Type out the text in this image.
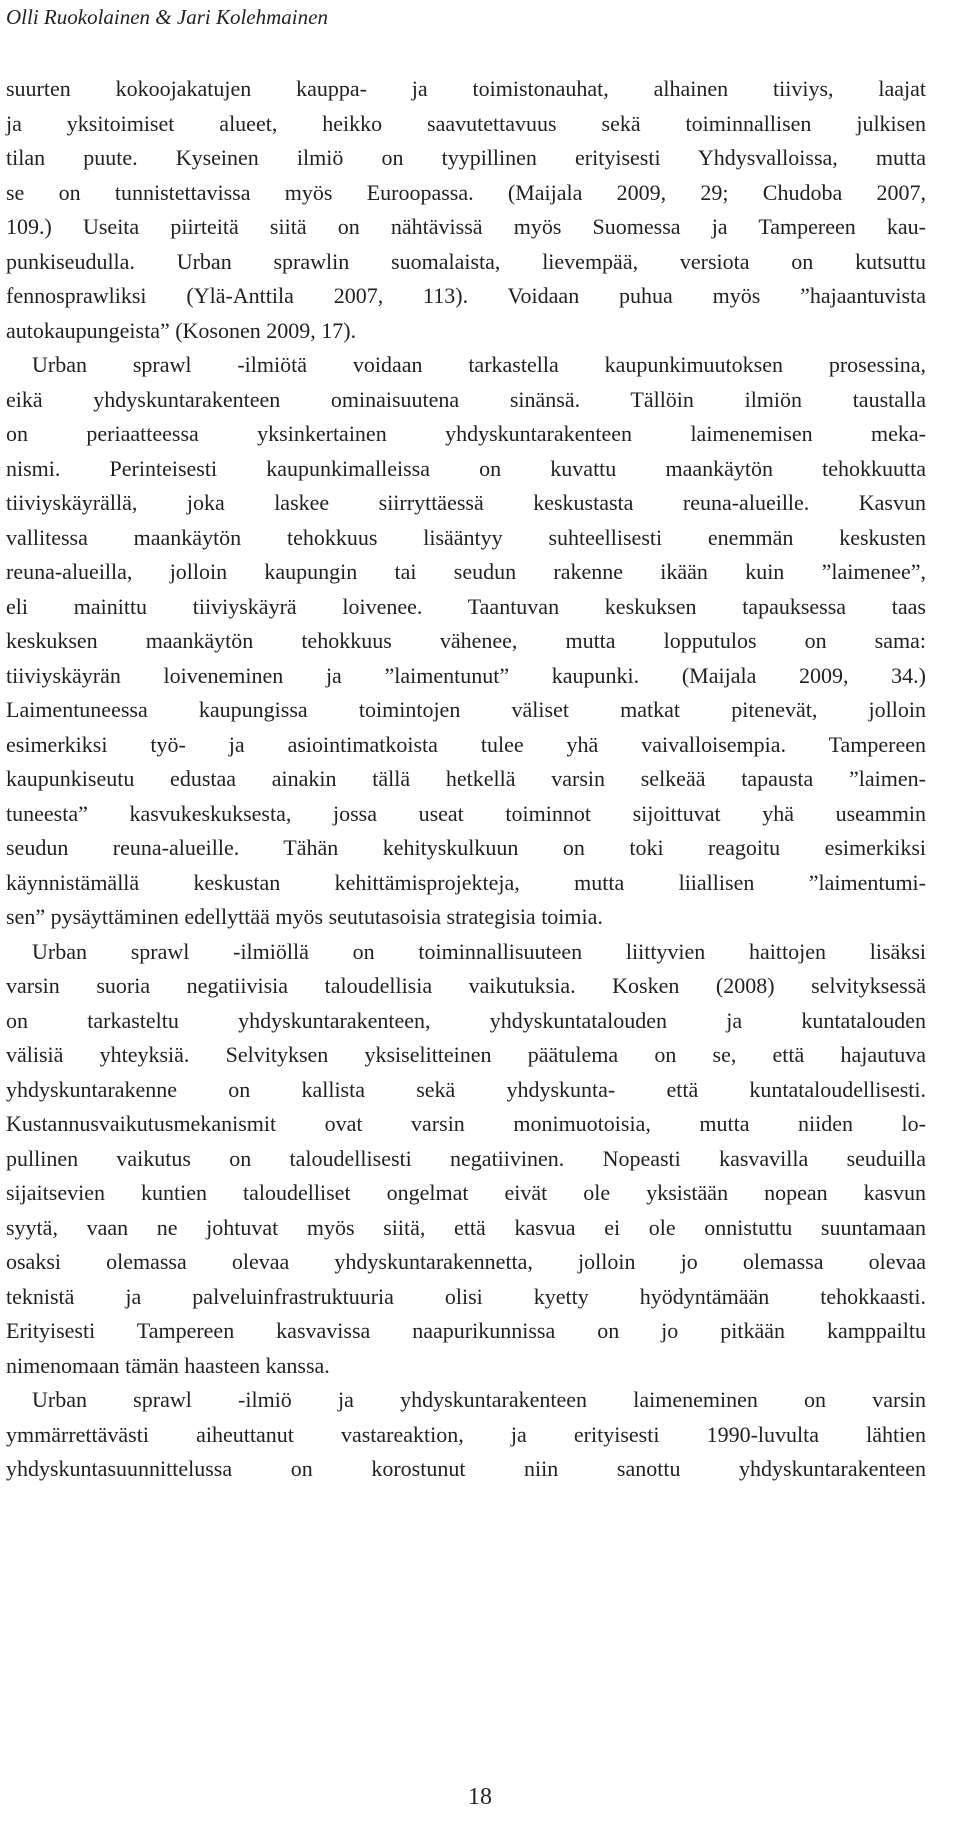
Olli Ruokolainen & Jari Kolehmainen
suurten kokoojakatujen kauppa- ja toimistonauhat, alhainen tiiviys, laajat
ja yksitoimiset alueet, heikko saavutettavuus sekä toiminnallisen julkisen
tilan puute. Kyseinen ilmiö on tyypillinen erityisesti Yhdysvalloissa, mutta
se on tunnistettavissa myös Euroopassa. (Maijala 2009, 29; Chudoba 2007,
109.) Useita piirteitä siitä on nähtävissä myös Suomessa ja Tampereen kau-
punkiseudulla. Urban sprawlin suomalaista, lievempää, versiota on kutsuttu
fennosprawliksi (Ylä-Anttila 2007, 113). Voidaan puhua myös ”hajaantuvista
autokaupungeista” (Kosonen 2009, 17).
Urban sprawl -ilmiötä voidaan tarkastella kaupunkimuutoksen prosessina,
eikä yhdyskuntarakenteen ominaisuutena sinänsä. Tällöin ilmiön taustalla
on periaatteessa yksinkertainen yhdyskuntarakenteen laimenemisen meka-
nismi. Perinteisesti kaupunkimalleissa on kuvattu maankäytön tehokkuutta
tiiviyskäyrällä, joka laskee siirryttäessä keskustasta reuna-alueille. Kasvun
vallitessa maankäytön tehokkuus lisääntyy suhteellisesti enemmän keskusten
reuna-alueilla, jolloin kaupungin tai seudun rakenne ikään kuin ”laimenee”,
eli mainittu tiiviyskäyrä loivenee. Taantuvan keskuksen tapauksessa taas
keskuksen maankäytön tehokkuus vähenee, mutta lopputulos on sama:
tiiviyskäyrän loiveneminen ja ”laimentunut” kaupunki. (Maijala 2009, 34.)
Laimentuneessa kaupungissa toimintojen väliset matkat pitenevät, jolloin
esimerkiksi työ- ja asiointimatkoista tulee yhä vaivalloisempia. Tampereen
kaupunkiseutu edustaa ainakin tällä hetkellä varsin selkeää tapausta ”laimen-
tuneesta” kasvukeskuksesta, jossa useat toiminnot sijoittuvat yhä useammin
seudun reuna-alueille. Tähän kehityskulkuun on toki reagoitu esimerkiksi
käynnistämällä keskustan kehittämisprojekteja, mutta liiallisen ”laimentumi-
sen” pysäyttäminen edellyttää myös seututasoisia strategisia toimia.
Urban sprawl -ilmiöllä on toiminnallisuuteen liittyvien haittojen lisäksi
varsin suoria negatiivisia taloudellisia vaikutuksia. Kosken (2008) selvityksessä
on tarkasteltu yhdyskuntarakenteen, yhdyskuntatalouden ja kuntatalouden
välisiä yhteyksiä. Selvityksen yksiselitteinen päätulema on se, että hajautuva
yhdyskuntarakenne on kallista sekä yhdyskunta- että kuntataloudellisesti.
Kustannusvaikutusmekanismit ovat varsin monimuotoisia, mutta niiden lo-
pullinen vaikutus on taloudellisesti negatiivinen. Nopeasti kasvavilla seuduilla
sijaitsevien kuntien taloudelliset ongelmat eivät ole yksistään nopean kasvun
syytä, vaan ne johtuvat myös siitä, että kasvua ei ole onnistuttu suuntamaan
osaksi olemassa olevaa yhdyskuntarakennetta, jolloin jo olemassa olevaa
teknistä ja palveluinfrastruktuuria olisi kyetty hyödyntämään tehokkaasti.
Erityisesti Tampereen kasvavissa naapurikunnissa on jo pitkään kamppailtu
nimenomaan tämän haasteen kanssa.
Urban sprawl -ilmiö ja yhdyskuntarakenteen laimeneminen on varsin
ymmärrettävästi aiheuttanut vastareaktion, ja erityisesti 1990-luvulta lähtien
yhdyskuntasuunnittelussa on korostunut niin sanottu yhdyskuntarakenteen
18
